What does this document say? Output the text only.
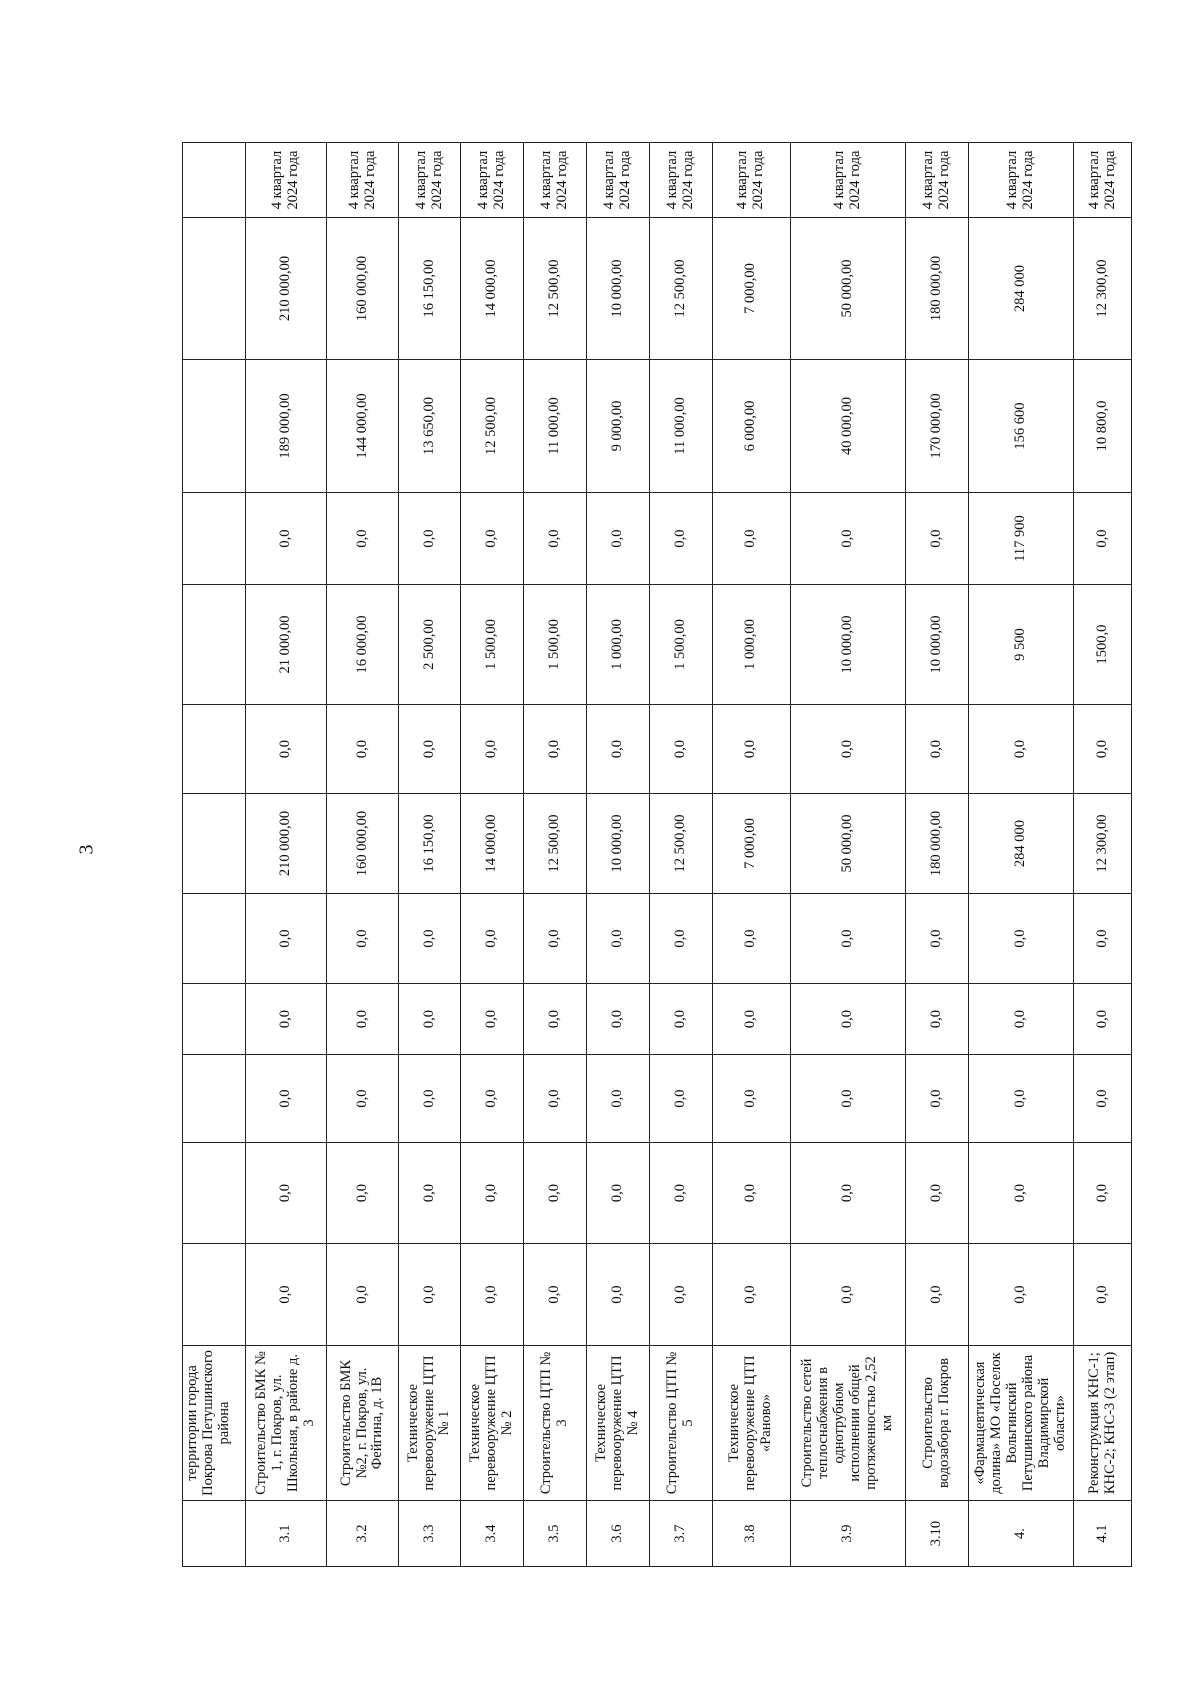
3
	территории города Покрова Петушинского района												
3.1	Строительство БМК № 1, г. Покров, ул. Школьная, в районе д. 3	0,0	0,0	0,0	0,0	0,0	210 000,00	0,0	21 000,00	0,0	189 000,00	210 000,00	4 квартал 2024 года
3.2	Строительство БМК №2, г. Покров, ул. Фейгина, д. 1В	0,0	0,0	0,0	0,0	0,0	160 000,00	0,0	16 000,00	0,0	144 000,00	160 000,00	4 квартал 2024 года
3.3	Техническое перевооружение ЦТП № 1	0,0	0,0	0,0	0,0	0,0	16 150,00	0,0	2 500,00	0,0	13 650,00	16 150,00	4 квартал 2024 года
3.4	Техническое перевооружение ЦТП № 2	0,0	0,0	0,0	0,0	0,0	14 000,00	0,0	1 500,00	0,0	12 500,00	14 000,00	4 квартал 2024 года
3.5	Строительство ЦТП № 3	0,0	0,0	0,0	0,0	0,0	12 500,00	0,0	1 500,00	0,0	11 000,00	12 500,00	4 квартал 2024 года
3.6	Техническое перевооружение ЦТП № 4	0,0	0,0	0,0	0,0	0,0	10 000,00	0,0	1 000,00	0,0	9 000,00	10 000,00	4 квартал 2024 года
3.7	Строительство ЦТП № 5	0,0	0,0	0,0	0,0	0,0	12 500,00	0,0	1 500,00	0,0	11 000,00	12 500,00	4 квартал 2024 года
3.8	Техническое перевооружение ЦТП «Раново»	0,0	0,0	0,0	0,0	0,0	7 000,00	0,0	1 000,00	0,0	6 000,00	7 000,00	4 квартал 2024 года
3.9	Строительство сетей теплоснабжения в однотрубном исполнении общей протяженностью 2,52 км	0,0	0,0	0,0	0,0	0,0	50 000,00	0,0	10 000,00	0,0	40 000,00	50 000,00	4 квартал 2024 года
3.10	Строительство водозабора г. Покров	0,0	0,0	0,0	0,0	0,0	180 000,00	0,0	10 000,00	0,0	170 000,00	180 000,00	4 квартал 2024 года
4.	«Фармацевтическая долина» МО «Поселок Вольгинский Петушинского района Владимирской области»	0,0	0,0	0,0	0,0	0,0	284 000	0,0	9 500	117 900	156 600	284 000	4 квартал 2024 года
4.1	Реконструкция КНС-1; КНС-2; КНС-3 (2 этап)	0,0	0,0	0,0	0,0	0,0	12 300,00	0,0	1500,0	0,0	10 800,0	12 300,00	4 квартал 2024 года
